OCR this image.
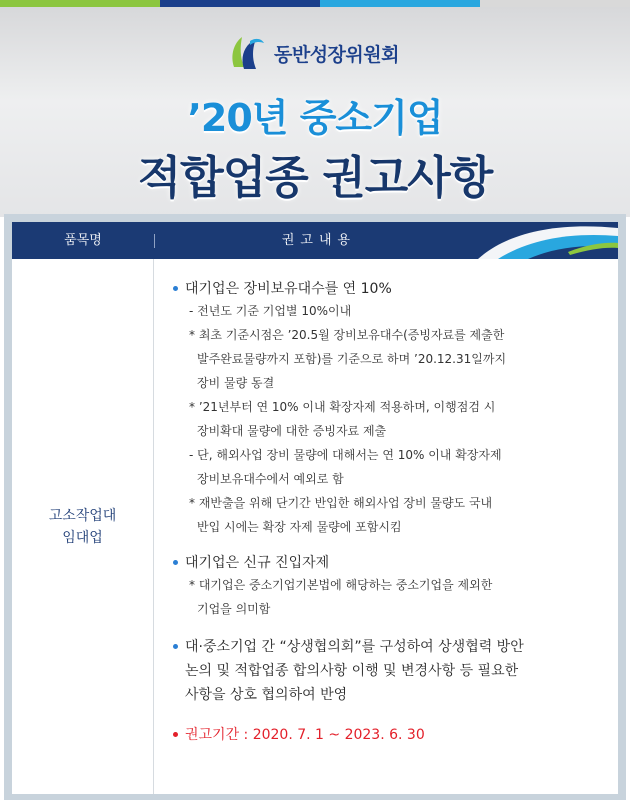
동반성장위원회
’20년 중소기업
적합업종 권고사항
품목명	권고내용
고소작업대
임대업
대기업은 장비보유대수를 연 10%
- 전년도 기준 기업별 10%이내
* 최초 기준시점은 ’20.5월 장비보유대수(증빙자료를 제출한
발주완료물량까지 포함)를 기준으로 하며 ’20.12.31일까지
장비 물량 동결
* ’21년부터 연 10% 이내 확장자제 적용하며, 이행점검 시
장비확대 물량에 대한 증빙자료 제출
- 단, 해외사업 장비 물량에 대해서는 연 10% 이내 확장자제
장비보유대수에서 예외로 함
* 재반출을 위해 단기간 반입한 해외사업 장비 물량도 국내
반입 시에는 확장 자제 물량에 포함시킴
대기업은 신규 진입자제
* 대기업은 중소기업기본법에 해당하는 중소기업을 제외한
기업을 의미함
대·중소기업 간 “상생협의회”를 구성하여 상생협력 방안
논의 및 적합업종 합의사항 이행 및 변경사항 등 필요한
사항을 상호 협의하여 반영
권고기간 : 2020. 7. 1 ~ 2023. 6. 30
